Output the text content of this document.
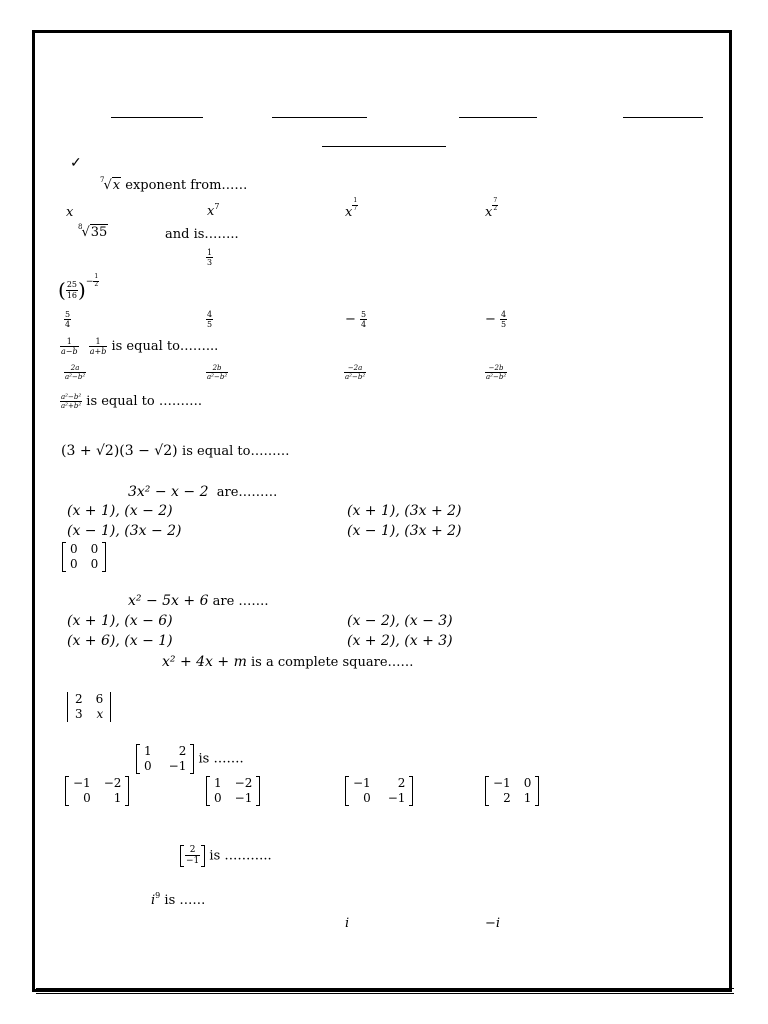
✓
$^7$√x exponent from……
x	$x^7$	x $\frac{1}{7}$	x $\frac{7}{2}$
$^8$√35	and is……..
$\frac{1}{3}$
( $\frac{25}{16} )^{- \frac{1}{2}}$
$\frac{5}{4}$	$\frac{4}{5}$	− $\frac{5}{4}$	− $\frac{4}{5}$
$\frac{1}{a-b}$
$\frac{1}{a+b}$ is equal to……...
$\frac{2a}{\text{a²−b²}}$	$\frac{2b}{\text{a²−b²}}$	$\frac{-2a}{\text{a²−b²}}$	$\frac{-2b}{\text{a²−b²}}$
$\frac{\text{a²−b²}}{\text{a²+b²}}$ is equal to ……….
(3 + √2)(3 − √2) is equal to………
3x² − x − 2 are………
(x + 1), (x − 2)	(x + 1), (3x + 2)
(x − 1), (3x − 2)	(x − 1), (3x + 2)
0	0
0	0
x² − 5x + 6 are …….
(x + 1), (x − 6)	(x − 2), (x − 3)
(x + 6), (x − 1)	(x + 2), (x + 3)
x² + 4x + m is a complete square……
2	6
3	x
1	2
0	−1 is …….
−1	−2
0	1
1	−2
0	−1
−1	2
0	−1
−1	0
2	1
$\frac{2}{-1}$ is ………..
$i^9$ is ……
i	−i
